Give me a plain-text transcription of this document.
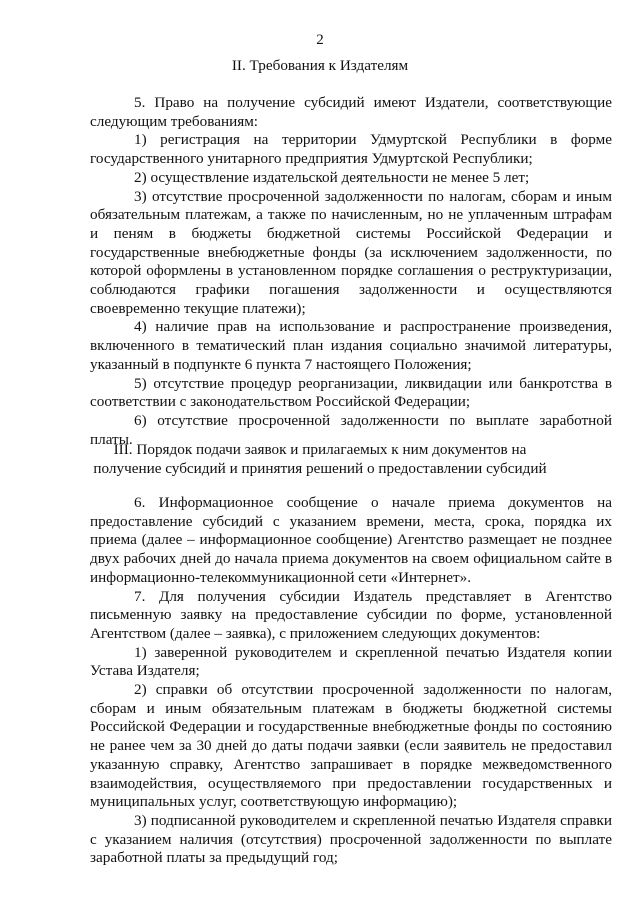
2
II. Требования к Издателям

5. Право на получение субсидий имеют Издатели, соответствующие следующим требованиям:

1) регистрация на территории Удмуртской Республики в форме государственного унитарного предприятия Удмуртской Республики;

2) осуществление издательской деятельности не менее 5 лет;

3) отсутствие просроченной задолженности по налогам, сборам и иным обязательным платежам, а также по начисленным, но не уплаченным штрафам и пеням в бюджеты бюджетной системы Российской Федерации и государственные внебюджетные фонды (за исключением задолженности, по которой оформлены в установленном порядке соглашения о реструктуризации, соблюдаются графики погашения задолженности и осуществляются своевременно текущие платежи);

4) наличие прав на использование и распространение произведения, включенного в тематический план издания социально значимой литературы, указанный в подпункте 6 пункта 7 настоящего Положения;

5) отсутствие процедур реорганизации, ликвидации или банкротства в соответствии с законодательством Российской Федерации;

6) отсутствие просроченной задолженности по выплате заработной платы.

III. Порядок подачи заявок и прилагаемых к ним документов на
получение субсидий и принятия решений о предоставлении субсидий

6. Информационное сообщение о начале приема документов на предоставление субсидий с указанием времени, места, срока, порядка их приема (далее – информационное сообщение) Агентство размещает не позднее двух рабочих дней до начала приема документов на своем официальном сайте в информационно-телекоммуникационной сети «Интернет».

7. Для получения субсидии Издатель представляет в Агентство письменную заявку на предоставление субсидии по форме, установленной Агентством (далее – заявка), с приложением следующих документов:

1) заверенной руководителем и скрепленной печатью Издателя копии Устава Издателя;

2) справки об отсутствии просроченной задолженности по налогам, сборам и иным обязательным платежам в бюджеты бюджетной системы Российской Федерации и государственные внебюджетные фонды по состоянию не ранее чем за 30 дней до даты подачи заявки (если заявитель не предоставил указанную справку, Агентство запрашивает в порядке межведомственного взаимодействия, осуществляемого при предоставлении государственных и муниципальных услуг, соответствующую информацию);

3) подписанной руководителем и скрепленной печатью Издателя справки с указанием наличия (отсутствия) просроченной задолженности по выплате заработной платы за предыдущий год;
